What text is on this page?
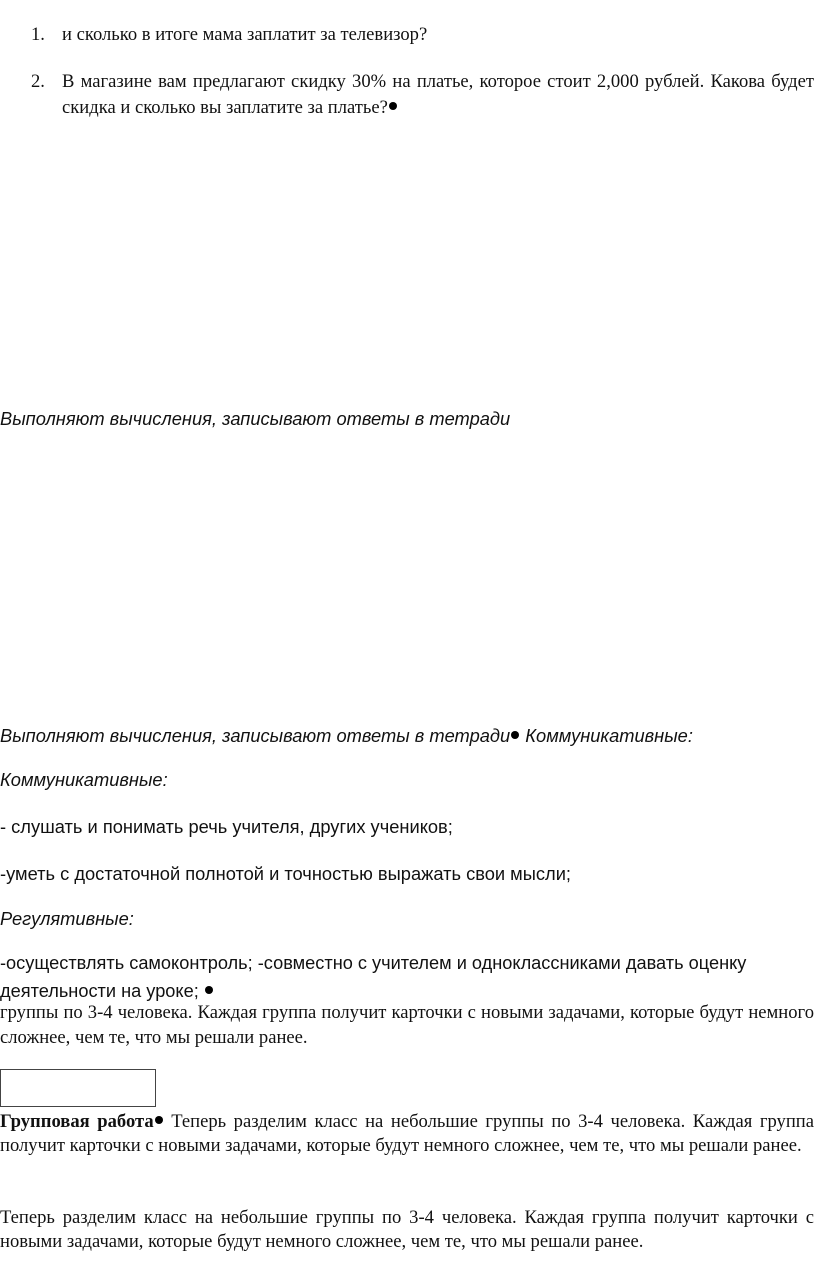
1. и сколько в итоге мама заплатит за телевизор?
2. В магазине вам предлагают скидку 30% на платье, которое стоит 2,000 рублей. Какова будет скидка и сколько вы заплатите за платье?
Выполняют вычисления, записывают ответы в тетради
Выполняют вычисления, записывают ответы в тетради Коммуникативные:
Коммуникативные:
- слушать и понимать речь учителя, других учеников;
-уметь с достаточной полнотой и точностью выражать свои мысли;
Регулятивные:
-осуществлять самоконтроль; -совместно с учителем и одноклассниками давать оценку деятельности на уроке;
группы по 3-4 человека. Каждая группа получит карточки с новыми задачами, которые будут немного сложнее, чем те, что мы решали ранее.
Групповая работа Теперь разделим класс на небольшие группы по 3-4 человека. Каждая группа получит карточки с новыми задачами, которые будут немного сложнее, чем те, что мы решали ранее.
Теперь разделим класс на небольшие группы по 3-4 человека. Каждая группа получит карточки с новыми задачами, которые будут немного сложнее, чем те, что мы решали ранее.
